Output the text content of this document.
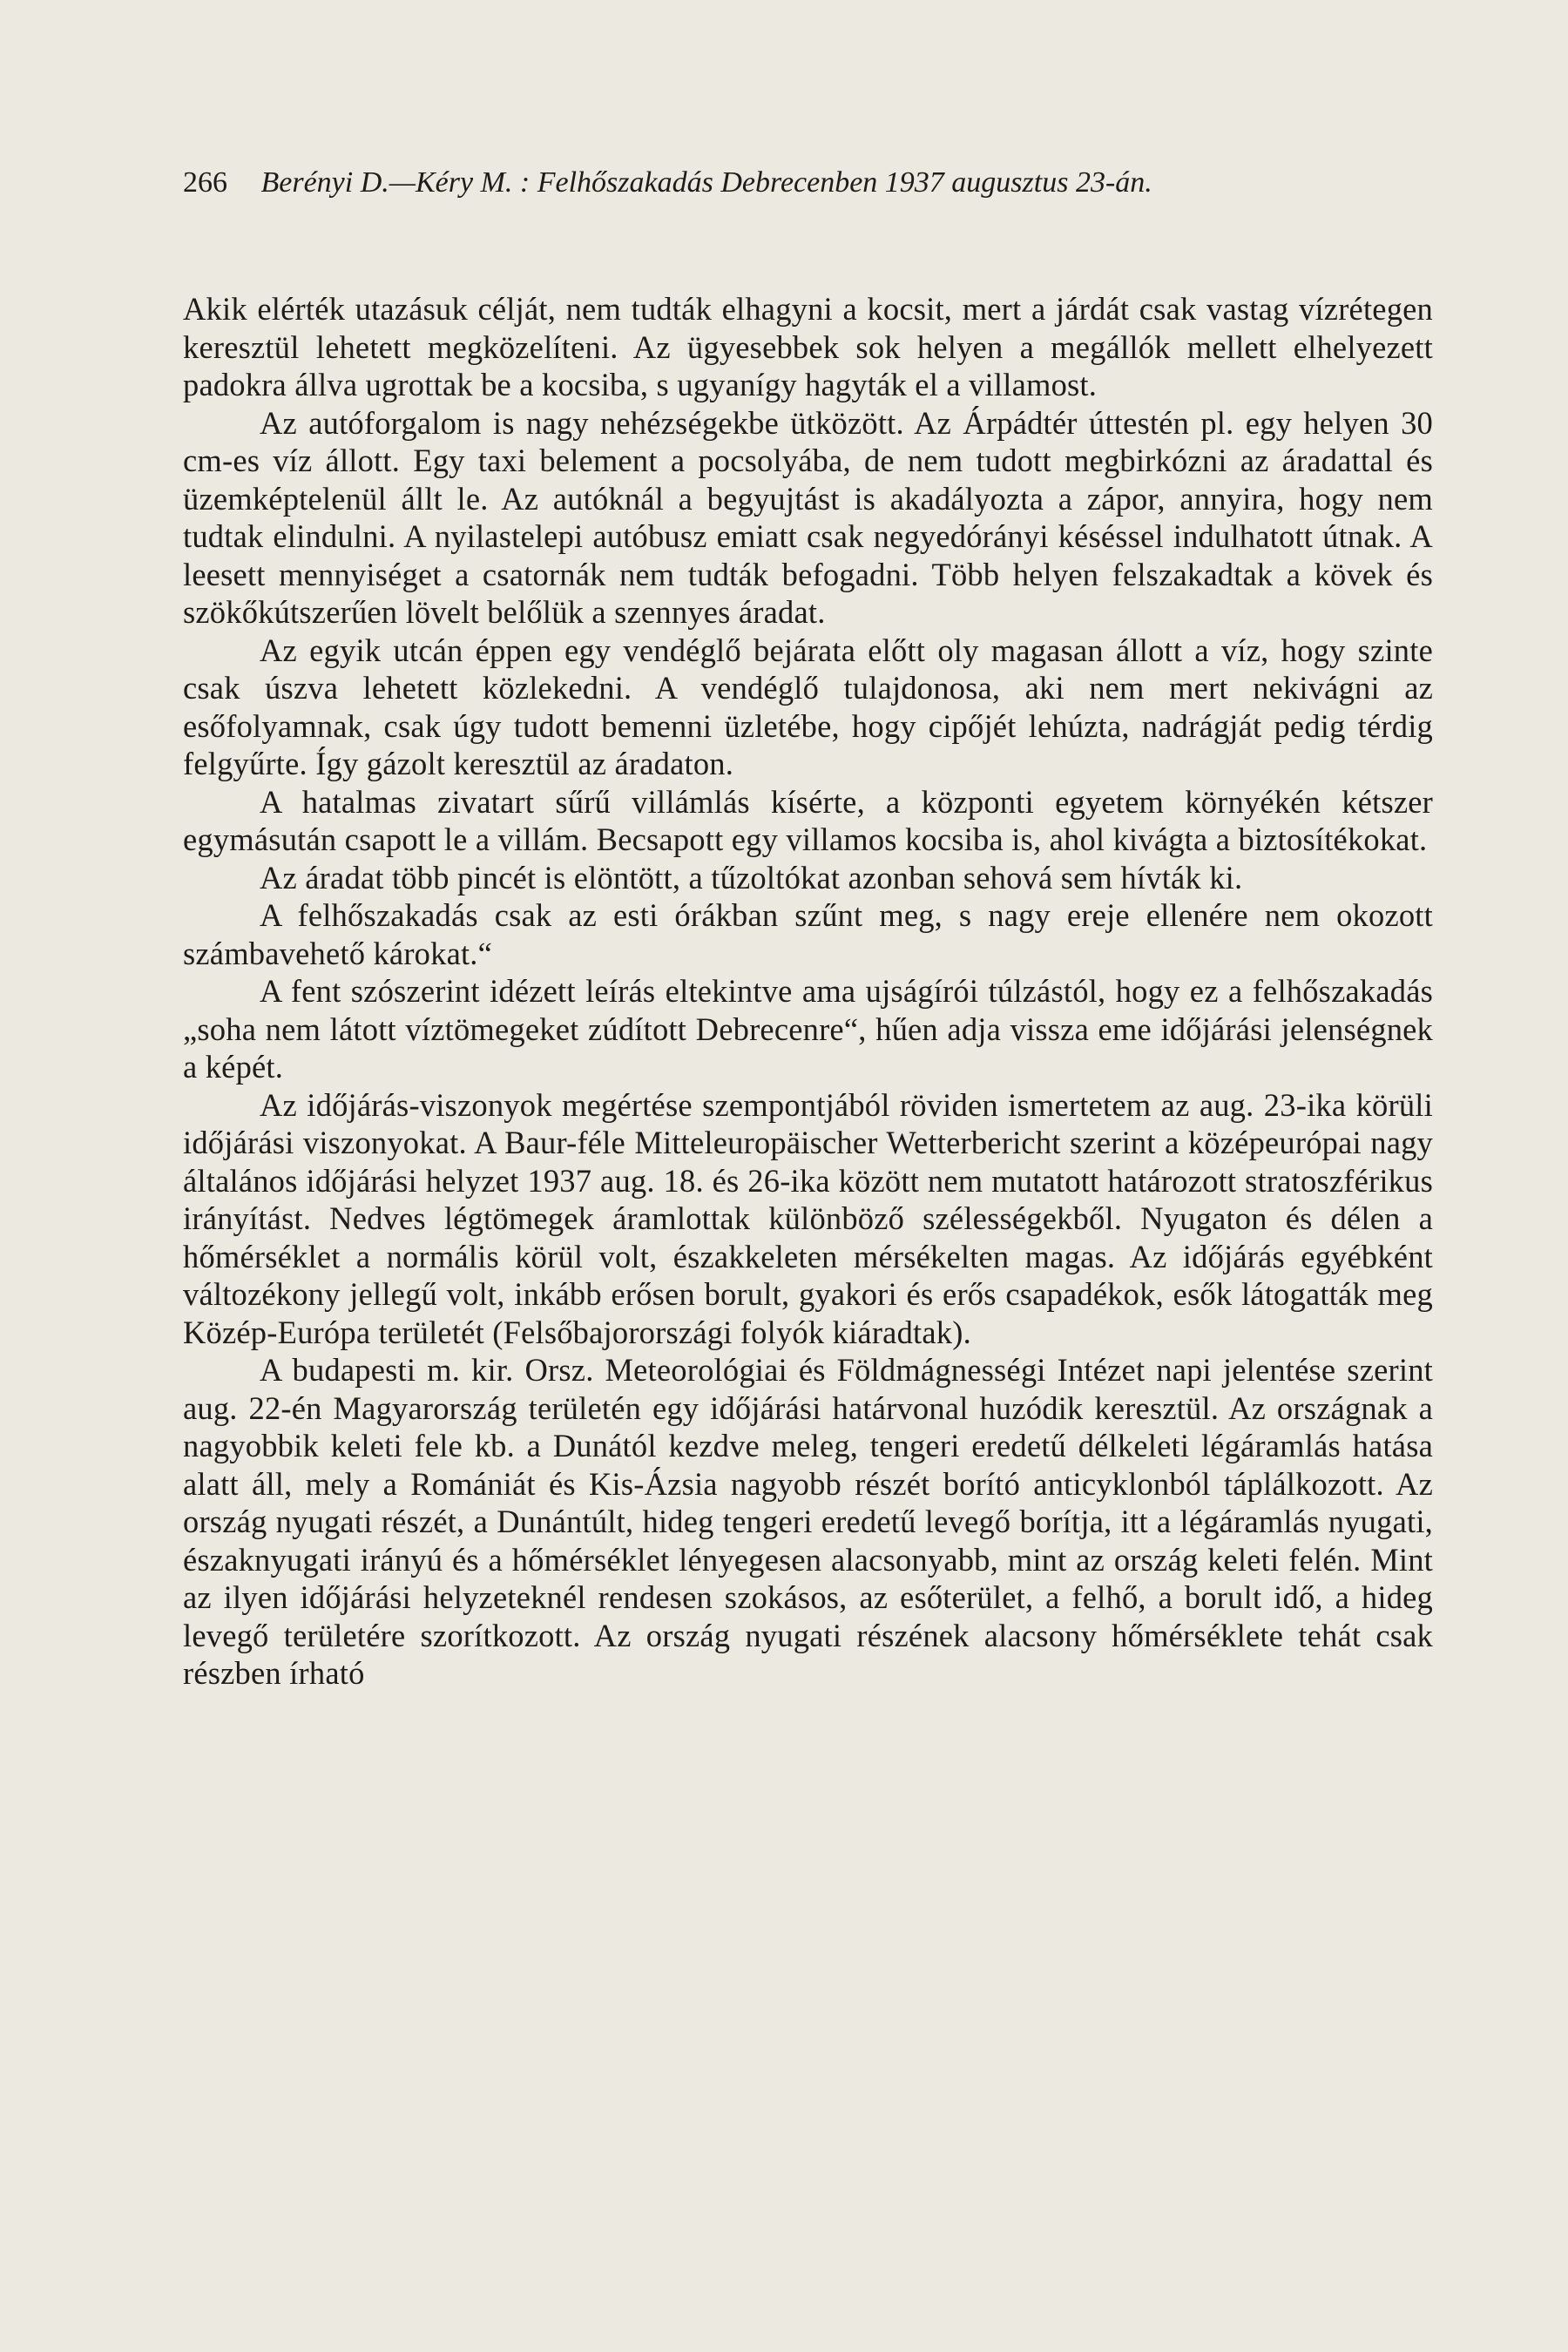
266 Berényi D.—Kéry M. : Felhőszakadás Debrecenben 1937 augusztus 23-án.

Akik elérték utazásuk célját, nem tudták elhagyni a kocsit, mert a járdát csak vastag vízrétegen keresztül lehetett megközelíteni. Az ügyesebbek sok helyen a megállók mellett elhelyezett padokra állva ugrottak be a kocsiba, s ugyanígy hagyták el a villamost.

Az autóforgalom is nagy nehézségekbe ütközött. Az Árpádtér úttestén pl. egy helyen 30 cm-es víz állott. Egy taxi belement a pocsolyába, de nem tudott megbirkózni az áradattal és üzemképtelenül állt le. Az autóknál a begyujtást is akadályozta a zápor, annyira, hogy nem tudtak elindulni. A nyilastelepi autóbusz emiatt csak negyedórányi késéssel indulhatott útnak. A leesett mennyiséget a csatornák nem tudták befogadni. Több helyen felszakadtak a kövek és szökőkútszerűen lövelt belőlük a szennyes áradat.

Az egyik utcán éppen egy vendéglő bejárata előtt oly magasan állott a víz, hogy szinte csak úszva lehetett közlekedni. A vendéglő tulajdonosa, aki nem mert nekivágni az esőfolyamnak, csak úgy tudott bemenni üzletébe, hogy cipőjét lehúzta, nadrágját pedig térdig felgyűrte. Így gázolt keresztül az áradaton.

A hatalmas zivatart sűrű villámlás kísérte, a központi egyetem környékén kétszer egymásután csapott le a villám. Becsapott egy villamos kocsiba is, ahol kivágta a biztosítékokat.

Az áradat több pincét is elöntött, a tűzoltókat azonban sehová sem hívták ki.

A felhőszakadás csak az esti órákban szűnt meg, s nagy ereje ellenére nem okozott számbavehető károkat.“

A fent szószerint idézett leírás eltekintve ama ujságírói túlzástól, hogy ez a felhőszakadás „soha nem látott víztömegeket zúdított Debrecenre“, hűen adja vissza eme időjárási jelenségnek a képét.

Az időjárás-viszonyok megértése szempontjából röviden ismertetem az aug. 23-ika körüli időjárási viszonyokat. A Baur-féle Mitteleuropäischer Wetterbericht szerint a középeurópai nagy általános időjárási helyzet 1937 aug. 18. és 26-ika között nem mutatott határozott stratoszférikus irányítást. Nedves légtömegek áramlottak különböző szélességekből. Nyugaton és délen a hőmérséklet a normális körül volt, északkeleten mérsékelten magas. Az időjárás egyébként változékony jellegű volt, inkább erősen borult, gyakori és erős csapadékok, esők látogatták meg Közép-Európa területét (Felsőbajorországi folyók kiáradtak).

A budapesti m. kir. Orsz. Meteorológiai és Földmágnességi Intézet napi jelentése szerint aug. 22-én Magyarország területén egy időjárási határvonal huzódik keresztül. Az országnak a nagyobbik keleti fele kb. a Dunától kezdve meleg, tengeri eredetű délkeleti légáramlás hatása alatt áll, mely a Romániát és Kis-Ázsia nagyobb részét borító anticyklonból táplálkozott. Az ország nyugati részét, a Dunántúlt, hideg tengeri eredetű levegő borítja, itt a légáramlás nyugati, északnyugati irányú és a hőmérséklet lényegesen alacsonyabb, mint az ország keleti felén. Mint az ilyen időjárási helyzeteknél rendesen szokásos, az esőterület, a felhő, a borult idő, a hideg levegő területére szorítkozott. Az ország nyugati részének alacsony hőmérséklete tehát csak részben írható
